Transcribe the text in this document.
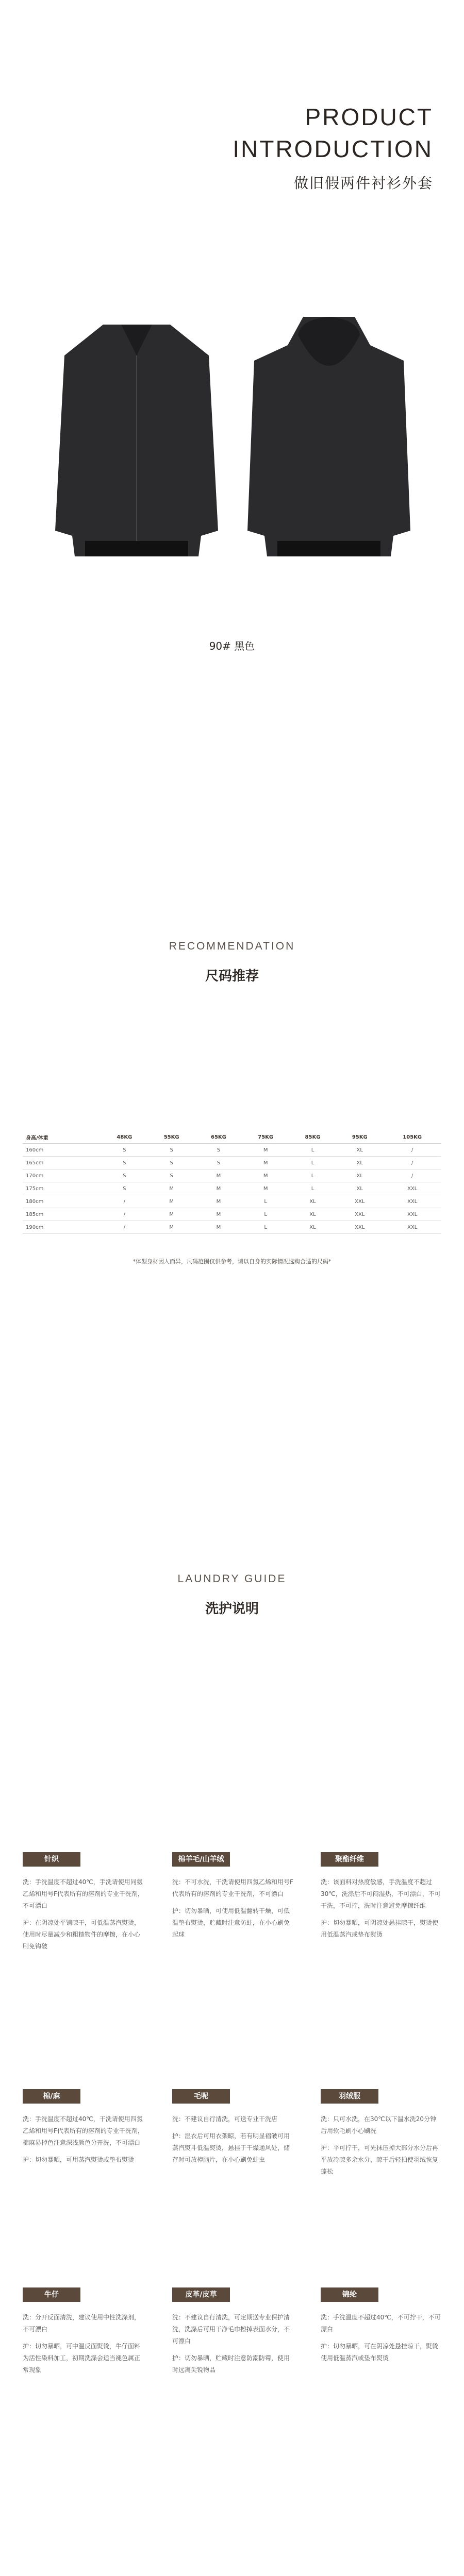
PRODUCT
INTRODUCTION
做旧假两件衬衫外套
90# 黑色
RECOMMENDATION
尺码推荐
身高/体重	48KG	55KG	65KG	75KG	85KG	95KG	105KG
160cm	S	S	S	M	L	XL	/
165cm	S	S	S	M	L	XL	/
170cm	S	S	M	M	L	XL	/
175cm	S	M	M	M	L	XL	XXL
180cm	/	M	M	L	XL	XXL	XXL
185cm	/	M	M	L	XL	XXL	XXL
190cm	/	M	M	L	XL	XXL	XXL
*体型身材因人而异，尺码范围仅供参考，请以自身的实际情况选购合适的尺码*
LAUNDRY GUIDE
洗护说明
针织

洗：手洗温度不超过40℃，手洗请使用同氨乙烯和用号F代表所有的溶剂的专业干洗剂，不可漂白

护：在阴凉处平铺晾干，可低温蒸汽熨烫，使用时尽量减少和粗糙物件的摩擦，在小心刷免钩破

棉羊毛/山羊绒

洗：不可水洗，干洗请使用四氯乙烯和用号F代表所有的溶剂的专业干洗剂，不可漂白

护：切勿暴晒，可使用低温翻转干燥，可低温垫布熨烫，贮藏时注意防蛀，在小心刷免起球

聚酯纤维

洗：该面料对热度敏感，手洗温度不超过30℃，洗涤后不可闷湿热，不可漂白，不可干洗，不可拧，洗时注意避免摩擦纤维

护：切勿暴晒，可阴凉处悬挂晾干，熨烫使用低温蒸汽或垫布熨烫

棉/麻

洗：手洗温度不超过40℃，干洗请使用四氯乙烯和用号F代表所有的溶剂的专业干洗剂，棉麻易掉色注意深浅颜色分开洗，不可漂白

护：切勿暴晒，可用蒸汽熨烫或垫布熨烫

毛呢

洗：不建议自行清洗，可送专业干洗店

护：湿衣后可用衣架晾，若有明显褶皱可用蒸汽熨斗低温熨烫，悬挂于干燥通风处，储存时可放樟脑片，在小心刷免蛀虫

羽绒服

洗：只可水洗，在30℃以下温水洗20分钟后用软毛刷小心刷洗

护：平可拧干，可先抹压掉大部分水分后再平放冷晾多余水分，晾干后轻拍使羽绒恢复蓬松

牛仔

洗：分开反面清洗，建议使用中性洗涤剂，不可漂白

护：切勿暴晒，可中温反面熨烫，牛仔面料为活性染料加工，初期洗涤会适当褪色属正常现象

皮革/皮草

洗：不建议自行清洗，可定期送专业保护清洗，洗涤后可用干净毛巾擦掉表面水分，不可漂白

护：切勿暴晒，贮藏时注意防潮防霉，使用时远离尖锐物品

锦纶

洗：手洗温度不超过40℃，不可拧干，不可漂白

护：切勿暴晒，可在阴凉处悬挂晾干，熨烫使用低温蒸汽或垫布熨烫
